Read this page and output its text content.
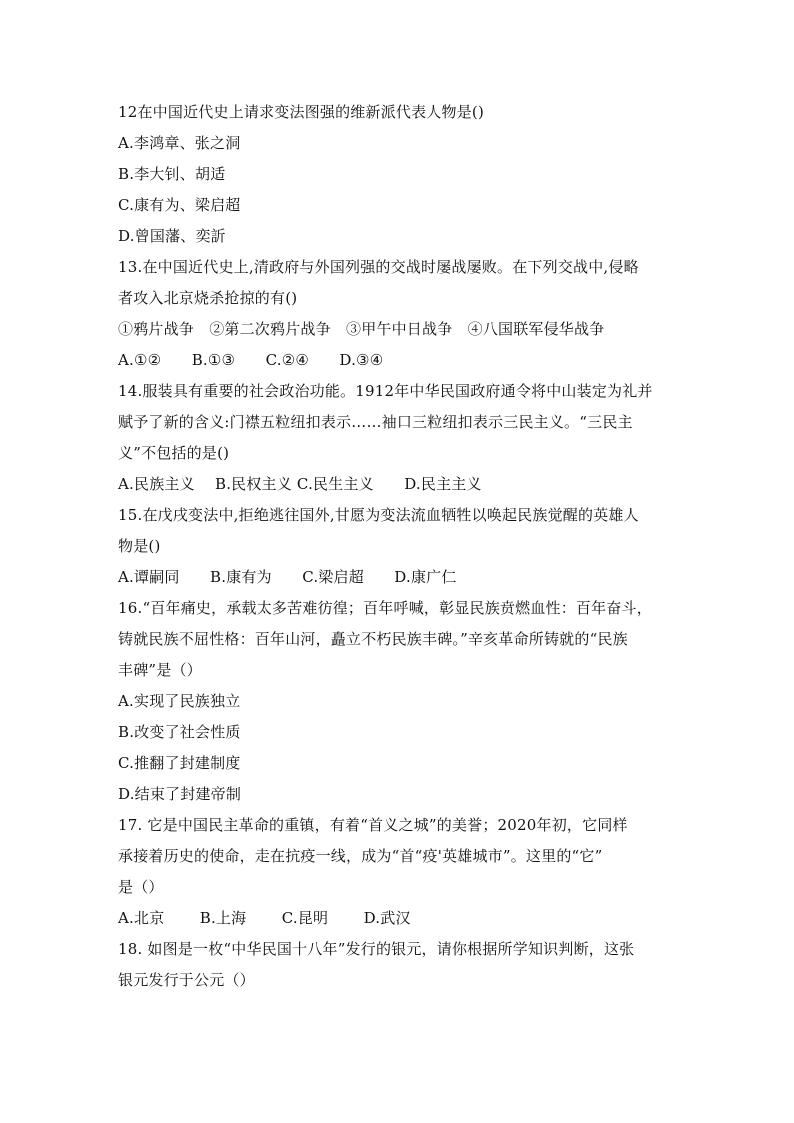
12在中国近代史上请求变法图强的维新派代表人物是()
A.李鸿章、张之洞
B.李大钊、胡适
C.康有为、梁启超
D.曾国藩、奕訢
13.在中国近代史上,清政府与外国列强的交战时屡战屡败。在下列交战中,侵略
者攻入北京烧杀抢掠的有()
①鸦片战争　②第二次鸦片战争　③甲午中日战争　④八国联军侵华战争
A.①②　　B.①③　　C.②④　　D.③④
14.服装具有重要的社会政治功能。1912年中华民国政府通令将中山装定为礼并
赋予了新的含义:门襟五粒纽扣表示……袖口三粒纽扣表示三民主义。“三民主
义”不包括的是()
A.民族主义　 B.民权主义 C.民生主义　　D.民主主义
15.在戊戌变法中,拒绝逃往国外,甘愿为变法流血牺牲以唤起民族觉醒的英雄人
物是()
A.谭嗣同　　B.康有为　　C.梁启超　　D.康广仁
16.“百年痛史，承载太多苦难彷徨；百年呼喊，彰显民族贲燃血性：百年奋斗，
铸就民族不屈性格：百年山河，矗立不朽民族丰碑。”辛亥革命所铸就的“民族
丰碑”是（）
A.实现了民族独立
B.改变了社会性质
C.推翻了封建制度
D.结束了封建帝制
17. 它是中国民主革命的重镇，有着“首义之城”的美誉；2020年初，它同样
承接着历史的使命，走在抗疫一线，成为“首“疫'英雄城市”。这里的“它”
是（）
A.北京　　 B.上海　　 C.昆明　　 D.武汉
18. 如图是一枚“中华民国十八年”发行的银元，请你根据所学知识判断，这张
银元发行于公元（）
